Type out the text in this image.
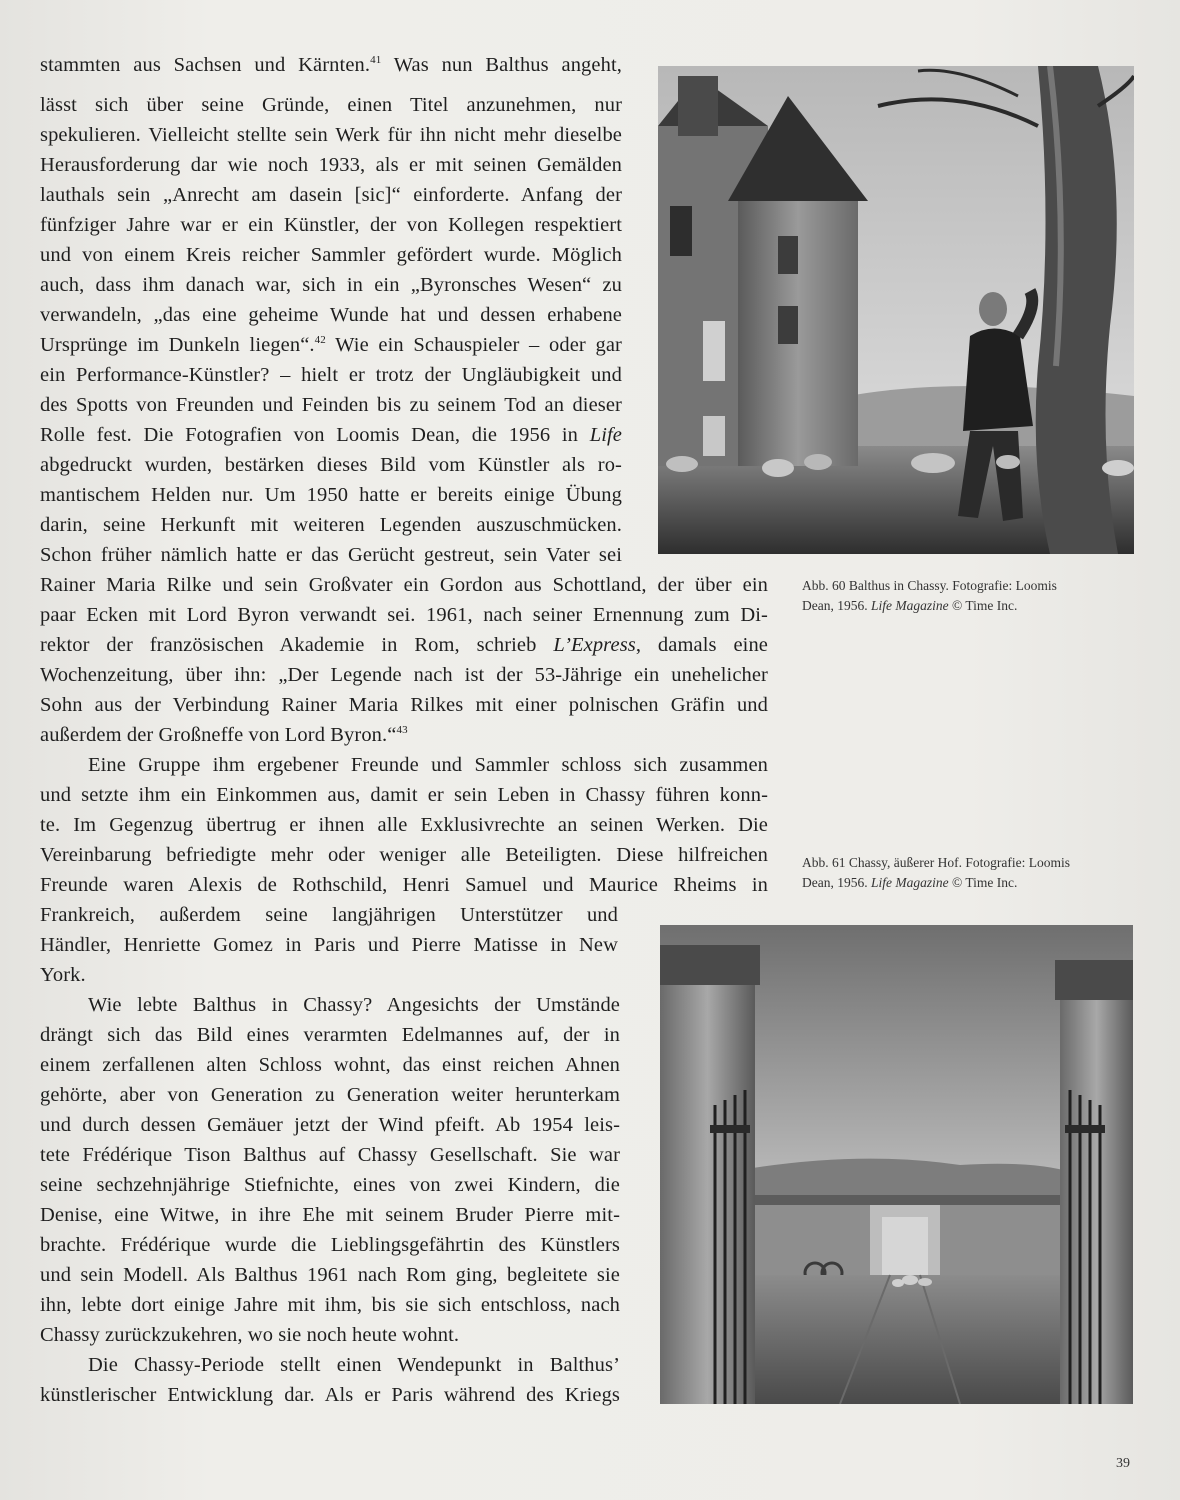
stammten aus Sachsen und Kärnten.$^{41}$ Was nun Balthus angeht,
lässt sich über seine Gründe, einen Titel anzunehmen, nur
spekulieren. Vielleicht stellte sein Werk für ihn nicht mehr dieselbe
Herausforderung dar wie noch 1933, als er mit seinen Gemälden
lauthals sein „Anrecht am dasein [sic]“ einforderte. Anfang der
fünfziger Jahre war er ein Künstler, der von Kollegen respektiert
und von einem Kreis reicher Sammler gefördert wurde. Möglich
auch, dass ihm danach war, sich in ein „Byronsches Wesen“ zu
verwandeln, „das eine geheime Wunde hat und dessen erhabene
Ursprünge im Dunkeln liegen“.$^{42}$ Wie ein Schauspieler – oder gar
ein Performance-Künstler? – hielt er trotz der Ungläubigkeit und
des Spotts von Freunden und Feinden bis zu seinem Tod an dieser
Rolle fest. Die Fotografien von Loomis Dean, die 1956 in Life
abgedruckt wurden, bestärken dieses Bild vom Künstler als ro-
mantischem Helden nur. Um 1950 hatte er bereits einige Übung
darin, seine Herkunft mit weiteren Legenden auszuschmücken.
Schon früher nämlich hatte er das Gerücht gestreut, sein Vater sei
Rainer Maria Rilke und sein Großvater ein Gordon aus Schottland, der über ein
paar Ecken mit Lord Byron verwandt sei. 1961, nach seiner Ernennung zum Di-
rektor der französischen Akademie in Rom, schrieb L’Express, damals eine
Wochenzeitung, über ihn: „Der Legende nach ist der 53-Jährige ein unehelicher
Sohn aus der Verbindung Rainer Maria Rilkes mit einer polnischen Gräfin und
außerdem der Großneffe von Lord Byron.“$^{43}$
Eine Gruppe ihm ergebener Freunde und Sammler schloss sich zusammen
und setzte ihm ein Einkommen aus, damit er sein Leben in Chassy führen konn-
te. Im Gegenzug übertrug er ihnen alle Exklusivrechte an seinen Werken. Die
Vereinbarung befriedigte mehr oder weniger alle Beteiligten. Diese hilfreichen
Freunde waren Alexis de Rothschild, Henri Samuel und Maurice Rheims in
Frankreich, außerdem seine langjährigen Unterstützer und
Händler, Henriette Gomez in Paris und Pierre Matisse in New
York.
Wie lebte Balthus in Chassy? Angesichts der Umstände
drängt sich das Bild eines verarmten Edelmannes auf, der in
einem zerfallenen alten Schloss wohnt, das einst reichen Ahnen
gehörte, aber von Generation zu Generation weiter herunterkam
und durch dessen Gemäuer jetzt der Wind pfeift. Ab 1954 leis-
tete Frédérique Tison Balthus auf Chassy Gesellschaft. Sie war
seine sechzehnjährige Stiefnichte, eines von zwei Kindern, die
Denise, eine Witwe, in ihre Ehe mit seinem Bruder Pierre mit-
brachte. Frédérique wurde die Lieblingsgefährtin des Künstlers
und sein Modell. Als Balthus 1961 nach Rom ging, begleitete sie
ihn, lebte dort einige Jahre mit ihm, bis sie sich entschloss, nach
Chassy zurückzukehren, wo sie noch heute wohnt.
Die Chassy-Periode stellt einen Wendepunkt in Balthus’
künstlerischer Entwicklung dar. Als er Paris während des Kriegs
Abb. 60 Balthus in Chassy. Fotografie: Loomis
Dean, 1956. Life Magazine © Time Inc.
Abb. 61 Chassy, äußerer Hof. Fotografie: Loomis
Dean, 1956. Life Magazine © Time Inc.
39
